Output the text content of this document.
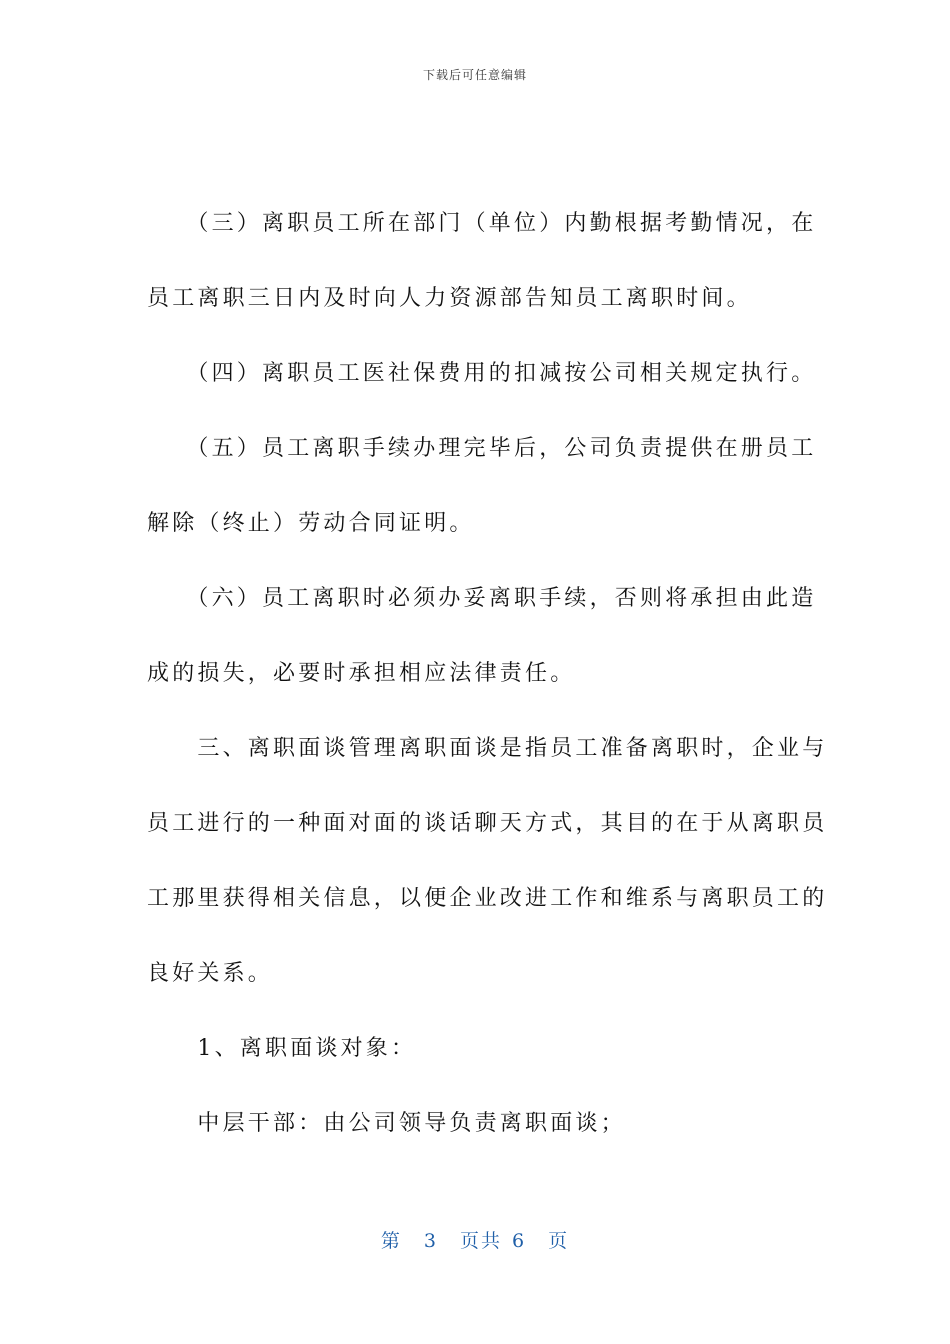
下载后可任意编辑
　　（三）离职员工所在部门（单位）内勤根据考勤情况，在
员工离职三日内及时向人力资源部告知员工离职时间。
　　（四）离职员工医社保费用的扣减按公司相关规定执行。
　　（五）员工离职手续办理完毕后，公司负责提供在册员工
解除（终止）劳动合同证明。
　　（六）员工离职时必须办妥离职手续，否则将承担由此造
成的损失，必要时承担相应法律责任。
　　三、离职面谈管理离职面谈是指员工准备离职时，企业与
员工进行的一种面对面的谈话聊天方式，其目的在于从离职员
工那里获得相关信息，以便企业改进工作和维系与离职员工的
良好关系。
　　1、离职面谈对象：
　　中层干部：由公司领导负责离职面谈；
第 3 页共 6 页
